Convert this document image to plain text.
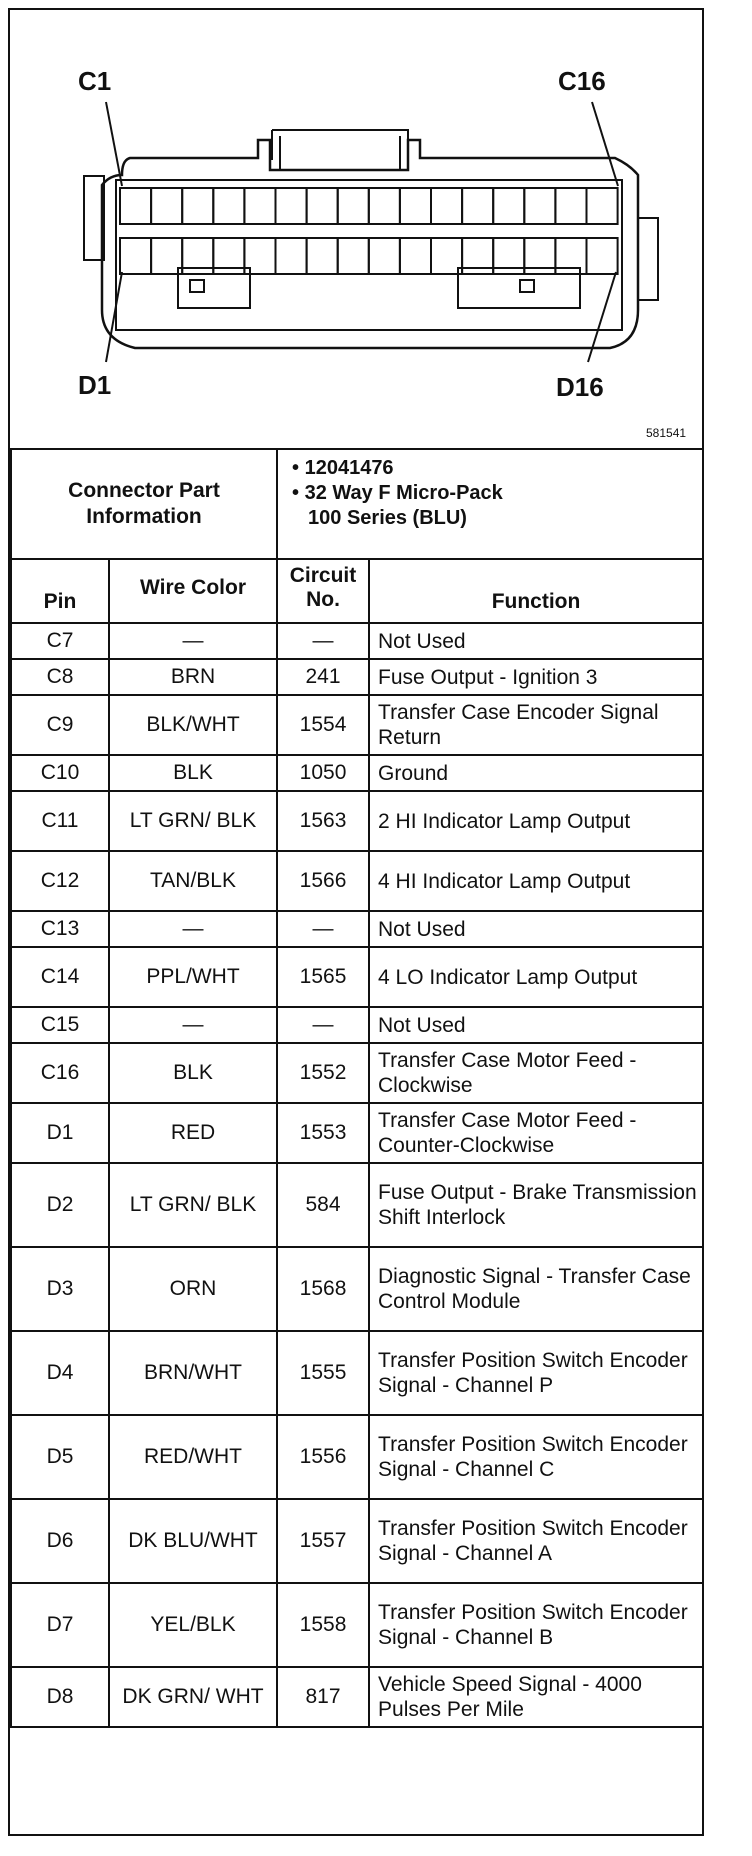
C1	C16
D1	D16
581541
Connector Part Information		• 12041476
• 32 Way F Micro-Pack
100 Series (BLU)	

Pin	Wire Color	Circuit No.	Function
C7	—	—	Not Used
C8	BRN	241	Fuse Output - Ignition 3
C9	BLK/WHT	1554	Transfer Case Encoder Signal Return
C10	BLK	1050	Ground
C11	LT GRN/ BLK	1563	2 HI Indicator Lamp Output
C12	TAN/BLK	1566	4 HI Indicator Lamp Output
C13	—	—	Not Used
C14	PPL/WHT	1565	4 LO Indicator Lamp Output
C15	—	—	Not Used
C16	BLK	1552	Transfer Case Motor Feed - Clockwise
D1	RED	1553	Transfer Case Motor Feed - Counter-Clockwise
D2	LT GRN/ BLK	584	Fuse Output - Brake Transmission Shift Interlock
D3	ORN	1568	Diagnostic Signal - Transfer Case Control Module
D4	BRN/WHT	1555	Transfer Position Switch Encoder Signal - Channel P
D5	RED/WHT	1556	Transfer Position Switch Encoder Signal - Channel C
D6	DK BLU/WHT	1557	Transfer Position Switch Encoder Signal - Channel A
D7	YEL/BLK	1558	Transfer Position Switch Encoder Signal - Channel B
D8	DK GRN/ WHT	817	Vehicle Speed Signal - 4000 Pulses Per Mile
